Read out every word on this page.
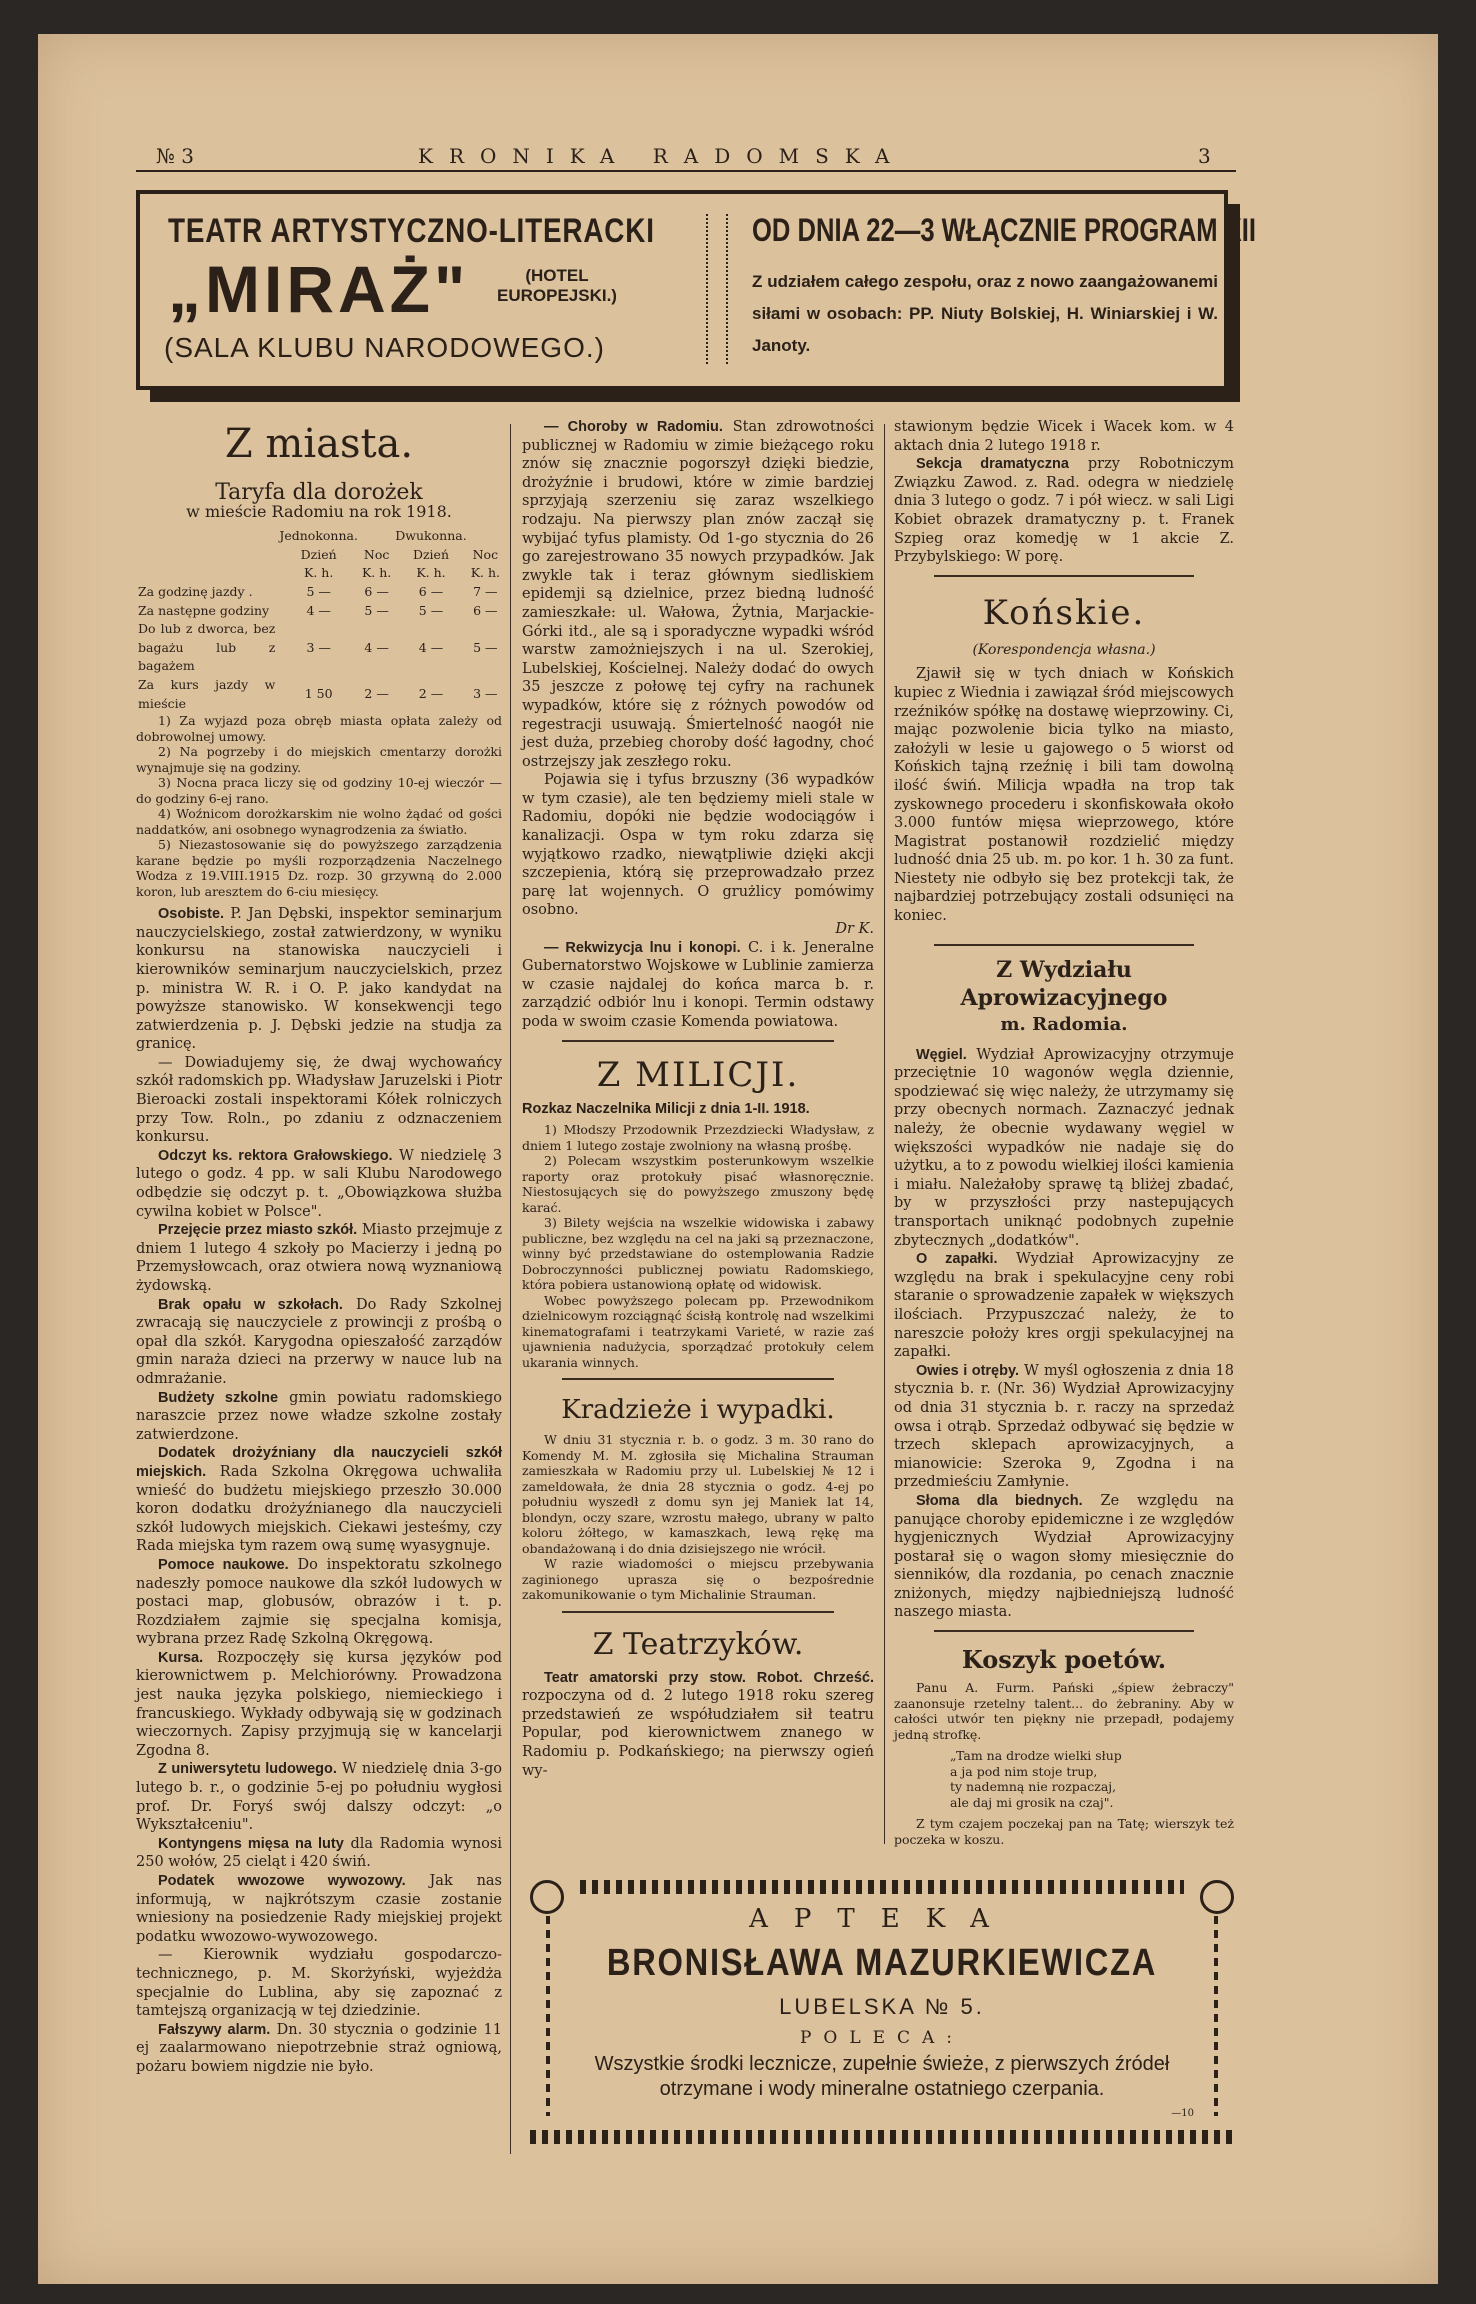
№ 3	KRONIKA RADOMSKA	3
TEATR ARTYSTYCZNO-LITERACKI
„MIRAŻ"	(HOTEL EUROPEJSKI.)
(SALA KLUBU NARODOWEGO.)
OD DNIA 22—3 WŁĄCZNIE PROGRAM XII
Z udziałem całego zespołu, oraz z nowo zaangażowanemi siłami w osobach: PP. Niuty Bolskiej, H. Winiarskiej i W. Janoty.
Z miasta.
Taryfa dla dorożek
w mieście Radomiu na rok 1918.
	Jednokonna.		Dwukonna.	
	Dzień	Noc	Dzień	Noc
	K. h.	K. h.	K. h.	K. h.
Za godzinę jazdy .	5 —	6 —	6 —	7 —
Za następne godziny	4 —	5 —	5 —	6 —
Do lub z dworca, bez bagażu lub z bagażem	3 —	4 —	4 —	5 —
Za kurs jazdy w mieście	1 50	2 —	2 —	3 —

1) Za wyjazd poza obręb miasta opłata zależy od dobrowolnej umowy.

2) Na pogrzeby i do miejskich cmentarzy dorożki wynajmuje się na godziny.

3) Nocna praca liczy się od godziny 10-ej wieczór — do godziny 6-ej rano.

4) Woźnicom dorożkarskim nie wolno żądać od gości naddatków, ani osobnego wynagrodzenia za światło.

5) Niezastosowanie się do powyższego zarządzenia karane będzie po myśli rozporządzenia Naczelnego Wodza z 19.VIII.1915 Dz. rozp. 30 grzywną do 2.000 koron, lub aresztem do 6-ciu miesięcy.

Osobiste. P. Jan Dębski, inspektor seminarjum nauczycielskiego, został zatwierdzony, w wyniku konkursu na stanowiska nauczycieli i kierowników seminarjum nauczycielskich, przez p. ministra W. R. i O. P. jako kandydat na powyższe stanowisko. W konsekwencji tego zatwierdzenia p. J. Dębski jedzie na studja za granicę.

— Dowiadujemy się, że dwaj wychowańcy szkół radomskich pp. Władysław Jaruzelski i Piotr Bieroacki zostali inspektorami Kółek rolniczych przy Tow. Roln., po zdaniu z odznaczeniem konkursu.

Odczyt ks. rektora Grałowskiego. W niedzielę 3 lutego o godz. 4 pp. w sali Klubu Narodowego odbędzie się odczyt p. t. „Obowiązkowa służba cywilna kobiet w Polsce".

Przejęcie przez miasto szkół. Miasto przejmuje z dniem 1 lutego 4 szkoły po Macierzy i jedną po Przemysłowcach, oraz otwiera nową wyznaniową żydowską.

Brak opału w szkołach. Do Rady Szkolnej zwracają się nauczyciele z prowincji z prośbą o opał dla szkół. Karygodna opieszałość zarządów gmin naraża dzieci na przerwy w nauce lub na odmrażanie.

Budżety szkolne gmin powiatu radomskiego naraszcie przez nowe władze szkolne zostały zatwierdzone.

Dodatek drożyźniany dla nauczycieli szkół miejskich. Rada Szkolna Okręgowa uchwaliła wnieść do budżetu miejskiego przeszło 30.000 koron dodatku drożyźnianego dla nauczycieli szkół ludowych miejskich. Ciekawi jesteśmy, czy Rada miejska tym razem ową sumę wyasygnuje.

Pomoce naukowe. Do inspektoratu szkolnego nadeszły pomoce naukowe dla szkół ludowych w postaci map, globusów, obrazów i t. p. Rozdziałem zajmie się specjalna komisja, wybrana przez Radę Szkolną Okręgową.

Kursa. Rozpoczęły się kursa języków pod kierownictwem p. Melchiorówny. Prowadzona jest nauka języka polskiego, niemieckiego i francuskiego. Wykłady odbywają się w godzinach wieczornych. Zapisy przyjmują się w kancelarji Zgodna 8.

Z uniwersytetu ludowego. W niedzielę dnia 3-go lutego b. r., o godzinie 5-ej po południu wygłosi prof. Dr. Foryś swój dalszy odczyt: „o Wykształceniu".

Kontyngens mięsa na luty dla Radomia wynosi 250 wołów, 25 cieląt i 420 świń.

Podatek wwozowe wywozowy. Jak nas informują, w najkrótszym czasie zostanie wniesiony na posiedzenie Rady miejskiej projekt podatku wwozowo-wywozowego.

— Kierownik wydziału gospodarczo-technicznego, p. M. Skorżyński, wyjeżdża specjalnie do Lublina, aby się zapoznać z tamtejszą organizacją w tej dziedzinie.

Fałszywy alarm. Dn. 30 stycznia o godzinie 11 ej zaalarmowano niepotrzebnie straż ogniową, pożaru bowiem nigdzie nie było.

— Choroby w Radomiu. Stan zdrowotności publicznej w Radomiu w zimie bieżącego roku znów się znacznie pogorszył dzięki biedzie, drożyźnie i brudowi, które w zimie bardziej sprzyjają szerzeniu się zaraz wszelkiego rodzaju. Na pierwszy plan znów zaczął się wybijać tyfus plamisty. Od 1-go stycznia do 26 go zarejestrowano 35 nowych przypadków. Jak zwykle tak i teraz głównym siedliskiem epidemji są dzielnice, przez biedną ludność zamieszkałe: ul. Wałowa, Żytnia, Marjackie-Górki itd., ale są i sporadyczne wypadki wśród warstw zamożniejszych i na ul. Szerokiej, Lubelskiej, Kościelnej. Należy dodać do owych 35 jeszcze z połowę tej cyfry na rachunek wypadków, które się z różnych powodów od regestracji usuwają. Śmiertelność naogół nie jest duża, przebieg choroby dość łagodny, choć ostrzejszy jak zeszłego roku.

Pojawia się i tyfus brzuszny (36 wypadków w tym czasie), ale ten będziemy mieli stale w Radomiu, dopóki nie będzie wodociągów i kanalizacji. Ospa w tym roku zdarza się wyjątkowo rzadko, niewątpliwie dzięki akcji szczepienia, którą się przeprowadzało przez parę lat wojennych. O grużlicy pomówimy osobno.

Dr K.

— Rekwizycja lnu i konopi. C. i k. Jeneralne Gubernatorstwo Wojskowe w Lublinie zamierza w czasie najdalej do końca marca b. r. zarządzić odbiór lnu i konopi. Termin odstawy poda w swoim czasie Komenda powiatowa.

Z MILICJI.
Rozkaz Naczelnika Milicji z dnia 1-II. 1918.

1) Młodszy Przodownik Przezdziecki Władysław, z dniem 1 lutego zostaje zwolniony na własną prośbę.

2) Polecam wszystkim posterunkowym wszelkie raporty oraz protokuły pisać własnoręcznie. Niestosujących się do powyższego zmuszony będę karać.

3) Bilety wejścia na wszelkie widowiska i zabawy publiczne, bez względu na cel na jaki są przeznaczone, winny być przedstawiane do ostemplowania Radzie Dobroczynności publicznej powiatu Radomskiego, która pobiera ustanowioną opłatę od widowisk.

Wobec powyższego polecam pp. Przewodnikom dzielnicowym rozciągnąć ścisłą kontrolę nad wszelkimi kinematografami i teatrzykami Varieté, w razie zaś ujawnienia nadużycia, sporządzać protokuły celem ukarania winnych.

Kradzieże i wypadki.

W dniu 31 stycznia r. b. o godz. 3 m. 30 rano do Komendy M. M. zgłosiła się Michalina Strauman zamieszkała w Radomiu przy ul. Lubelskiej № 12 i zameldowała, że dnia 28 stycznia o godz. 4-ej po południu wyszedł z domu syn jej Maniek lat 14, blondyn, oczy szare, wzrostu małego, ubrany w palto koloru żółtego, w kamaszkach, lewą rękę ma obandażowaną i do dnia dzisiejszego nie wrócił.

W razie wiadomości o miejscu przebywania zaginionego uprasza się o bezpośrednie zakomunikowanie o tym Michalinie Strauman.

Z Teatrzyków.

Teatr amatorski przy stow. Robot. Chrześć. rozpoczyna od d. 2 lutego 1918 roku szereg przedstawień ze współudziałem sił teatru Popular, pod kierownictwem znanego w Radomiu p. Podkańskiego; na pierwszy ogień wy-

stawionym będzie Wicek i Wacek kom. w 4 aktach dnia 2 lutego 1918 r.

Sekcja dramatyczna przy Robotniczym Związku Zawod. z. Rad. odegra w niedzielę dnia 3 lutego o godz. 7 i pół wiecz. w sali Ligi Kobiet obrazek dramatyczny p. t. Franek Szpieg oraz komedję w 1 akcie Z. Przybylskiego: W porę.

Końskie.
(Korespondencja własna.)

Zjawił się w tych dniach w Końskich kupiec z Wiednia i zawiązał śród miejscowych rzeźników spółkę na dostawę wieprzowiny. Ci, mając pozwolenie bicia tylko na miasto, założyli w lesie u gajowego o 5 wiorst od Końskich tajną rzeźnię i bili tam dowolną ilość świń. Milicja wpadła na trop tak zyskownego procederu i skonfiskowała około 3.000 funtów mięsa wieprzowego, które Magistrat postanowił rozdzielić między ludność dnia 25 ub. m. po kor. 1 h. 30 za funt. Niestety nie odbyło się bez protekcji tak, że najbardziej potrzebujący zostali odsunięci na koniec.

Z Wydziału Aprowizacyjnego
m. Radomia.

Węgiel. Wydział Aprowizacyjny otrzymuje przeciętnie 10 wagonów węgla dziennie, spodziewać się więc należy, że utrzymamy się przy obecnych normach. Zaznaczyć jednak należy, że obecnie wydawany węgiel w większości wypadków nie nadaje się do użytku, a to z powodu wielkiej ilości kamienia i miału. Należałoby sprawę tą bliżej zbadać, by w przyszłości przy nastepujących transportach uniknąć podobnych zupełnie zbytecznych „dodatków".

O zapałki. Wydział Aprowizacyjny ze względu na brak i spekulacyjne ceny robi staranie o sprowadzenie zapałek w większych ilościach. Przypuszczać należy, że to nareszcie położy kres orgji spekulacyjnej na zapałki.

Owies i otręby. W myśl ogłoszenia z dnia 18 stycznia b. r. (Nr. 36) Wydział Aprowizacyjny od dnia 31 stycznia b. r. raczy na sprzedaż owsa i otrąb. Sprzedaż odbywać się będzie w trzech sklepach aprowizacyjnych, a mianowicie: Szeroka 9, Zgodna i na przedmieściu Zamłynie.

Słoma dla biednych. Ze względu na panujące choroby epidemiczne i ze względów hygjenicznych Wydział Aprowizacyjny postarał się o wagon słomy miesięcznie do sienników, dla rozdania, po cenach znacznie zniżonych, między najbiedniejszą ludność naszego miasta.

Koszyk poetów.

Panu A. Furm. Pański „śpiew żebraczy" zaanonsuje rzetelny talent... do żebraniny. Aby w całości utwór ten piękny nie przepadł, podajemy jedną strofkę.

„Tam na drodze wielki słup
a ja pod nim stoje trup,
ty nademną nie rozpaczaj,
ale daj mi grosik na czaj".

Z tym czajem poczekaj pan na Tatę; wierszyk też poczeka w koszu.

APTEKA
BRONISŁAWA MAZURKIEWICZA
LUBELSKA № 5.
POLECA:
Wszystkie środki lecznicze, zupełnie świeże, z pierwszych źródeł otrzymane i wody mineralne ostatniego czerpania.
—10
